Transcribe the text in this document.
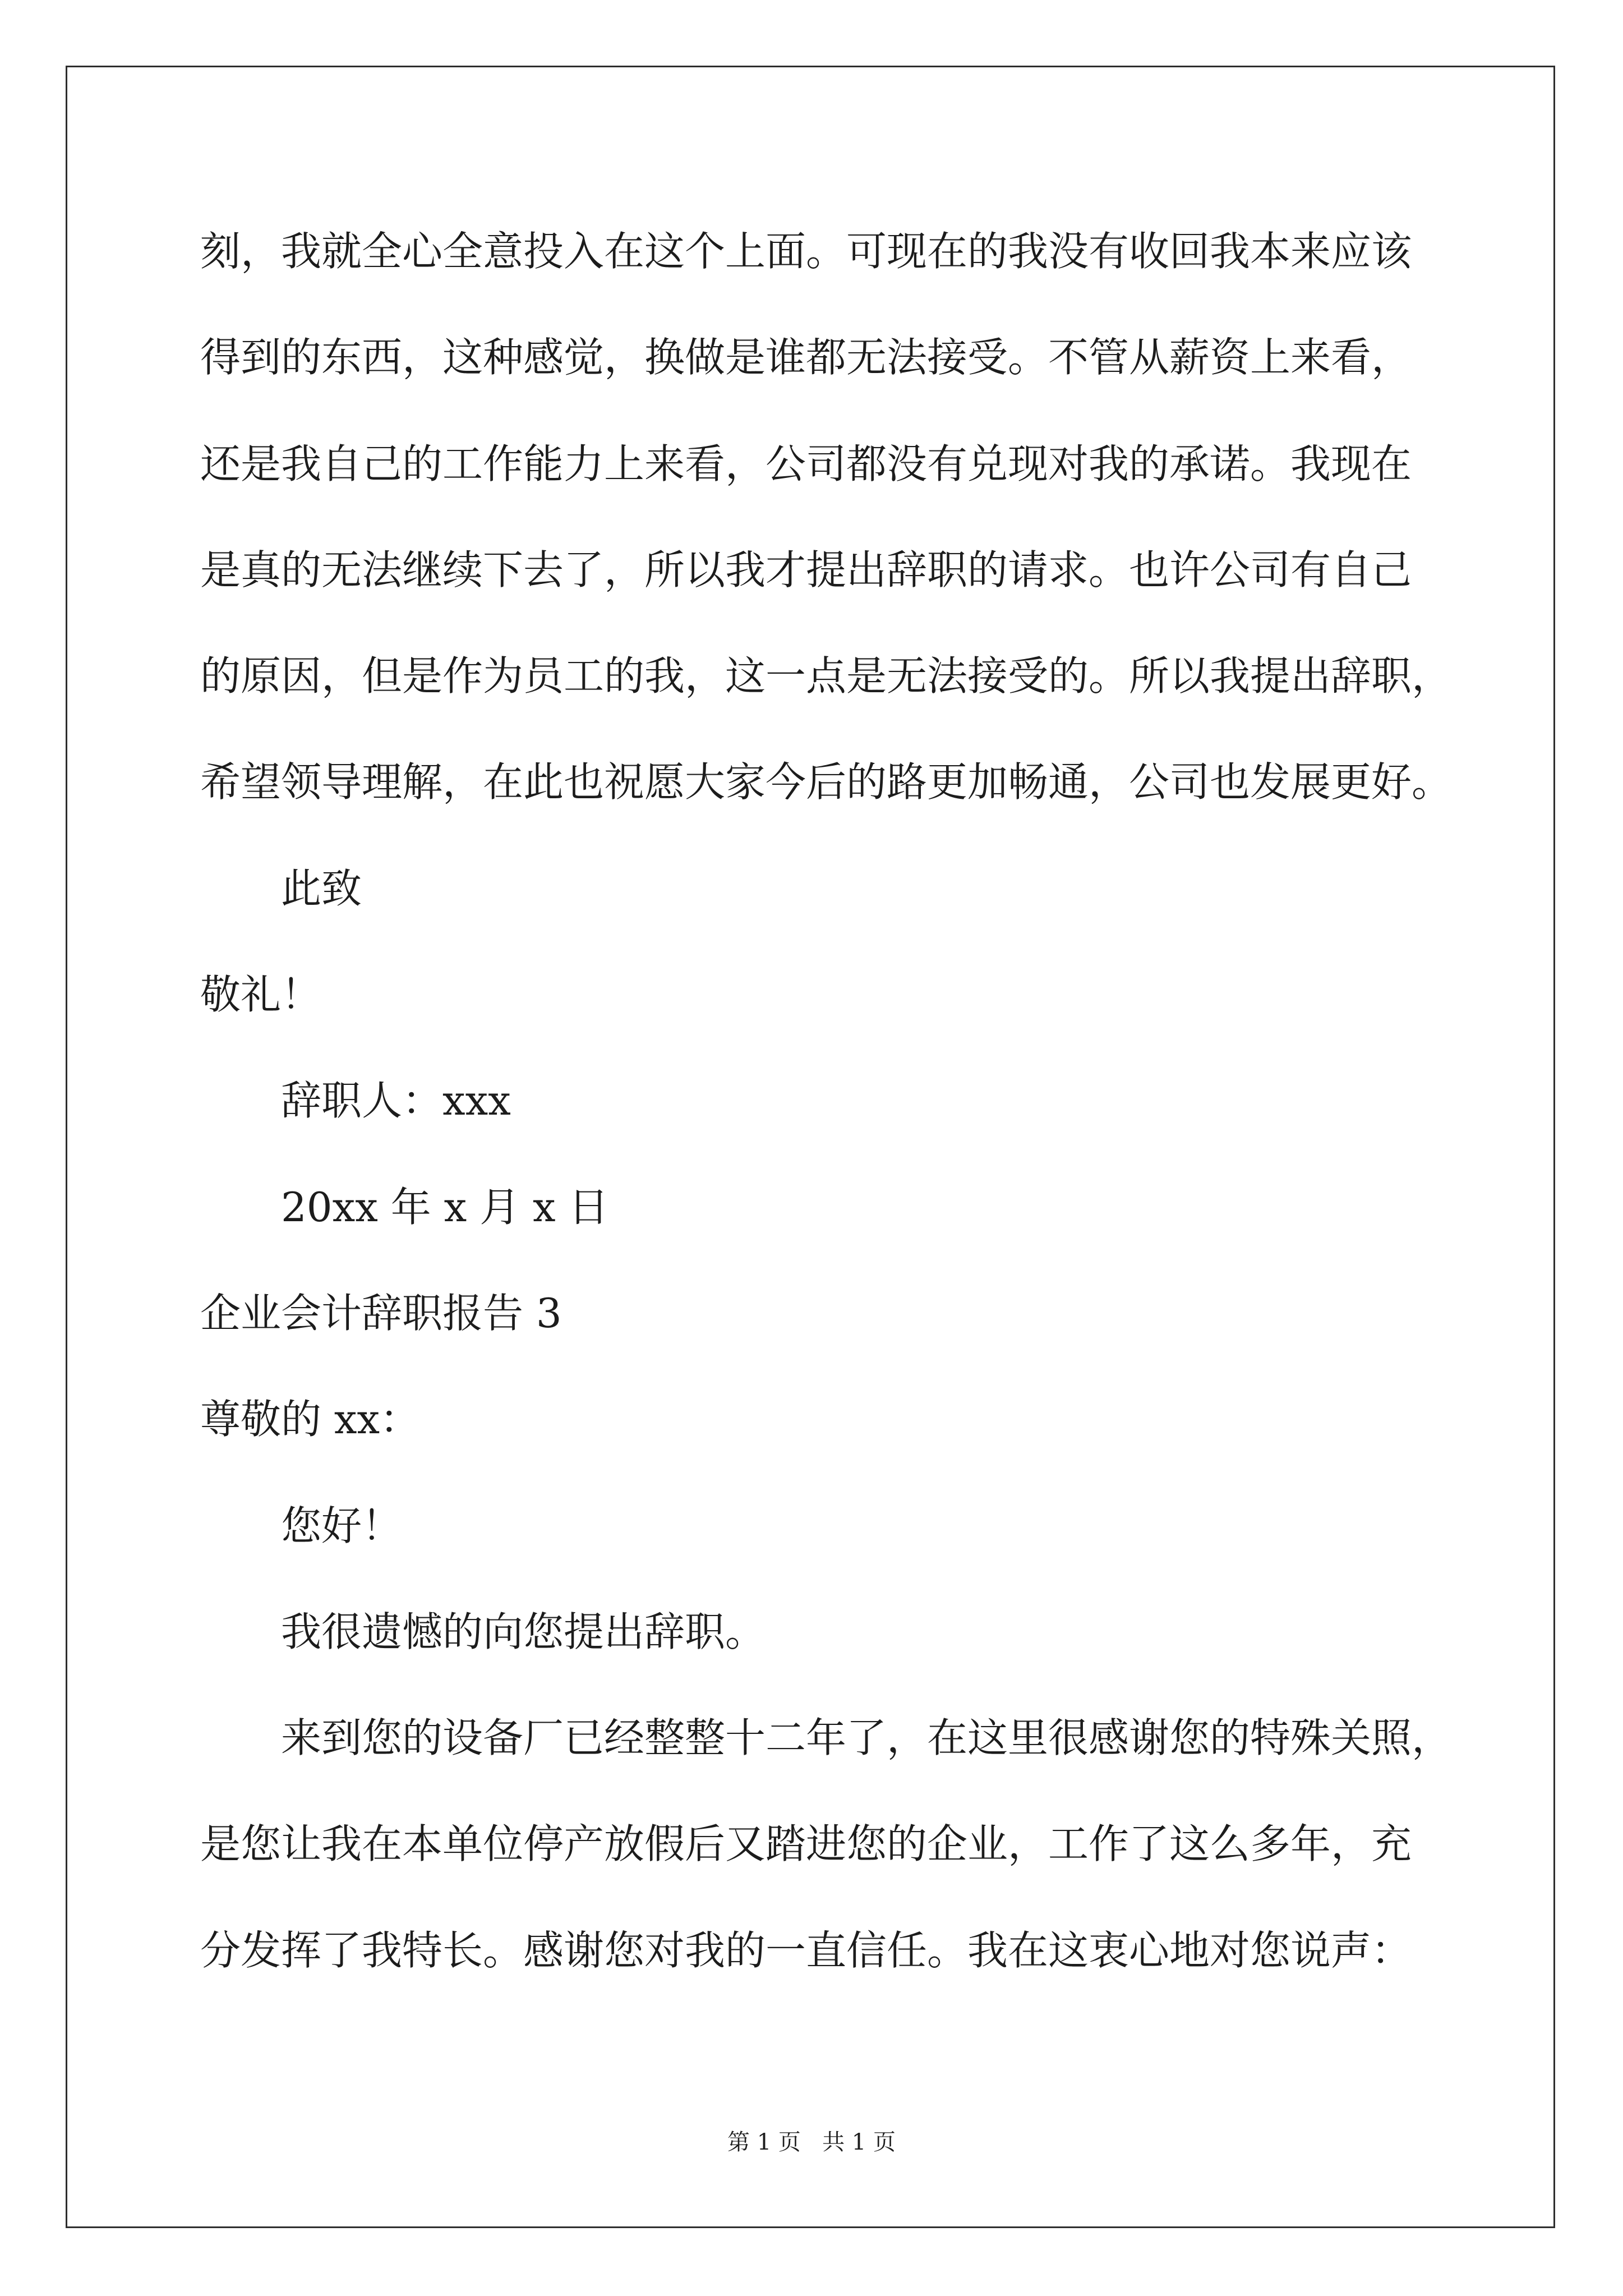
刻，我就全心全意投入在这个上面。可现在的我没有收回我本来应该
得到的东西，这种感觉，换做是谁都无法接受。不管从薪资上来看，
还是我自己的工作能力上来看，公司都没有兑现对我的承诺。我现在
是真的无法继续下去了，所以我才提出辞职的请求。也许公司有自己
的原因，但是作为员工的我，这一点是无法接受的。所以我提出辞职，
希望领导理解，在此也祝愿大家今后的路更加畅通，公司也发展更好。
此致
敬礼！
辞职人：xxx
20xx 年 x 月 x 日
企业会计辞职报告 3
尊敬的 xx：
您好！
我很遗憾的向您提出辞职。
来到您的设备厂已经整整十二年了，在这里很感谢您的特殊关照，
是您让我在本单位停产放假后又踏进您的企业，工作了这么多年，充
分发挥了我特长。感谢您对我的一直信任。我在这衷心地对您说声：
第 1 页   共 1 页
